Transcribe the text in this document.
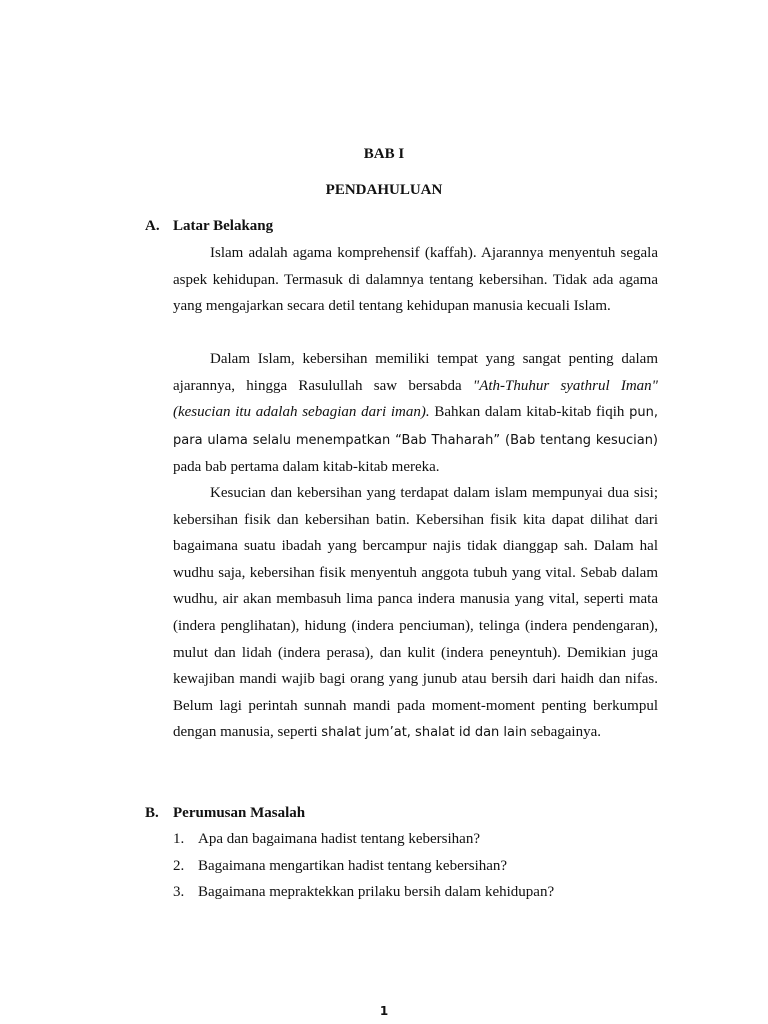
BAB I
PENDAHULUAN
A. Latar Belakang

Islam adalah agama komprehensif (kaffah). Ajarannya menyentuh segala aspek kehidupan. Termasuk di dalamnya tentang kebersihan. Tidak ada agama yang mengajarkan secara detil tentang kehidupan manusia kecuali Islam.

Dalam Islam, kebersihan memiliki tempat yang sangat penting dalam ajarannya, hingga Rasulullah saw bersabda "Ath-Thuhur syathrul Iman" (kesucian itu adalah sebagian dari iman). Bahkan dalam kitab-kitab fiqih pun, para ulama selalu menempatkan “Bab Thaharah” (Bab tentang kesucian) pada bab pertama dalam kitab-kitab mereka.

Kesucian dan kebersihan yang terdapat dalam islam mempunyai dua sisi; kebersihan fisik dan kebersihan batin. Kebersihan fisik kita dapat dilihat dari bagaimana suatu ibadah yang bercampur najis tidak dianggap sah. Dalam hal wudhu saja, kebersihan fisik menyentuh anggota tubuh yang vital. Sebab dalam wudhu, air akan membasuh lima panca indera manusia yang vital, seperti mata (indera penglihatan), hidung (indera penciuman), telinga (indera pendengaran), mulut dan lidah (indera perasa), dan kulit (indera peneyntuh). Demikian juga kewajiban mandi wajib bagi orang yang junub atau bersih dari haidh dan nifas. Belum lagi perintah sunnah mandi pada moment-moment penting berkumpul dengan manusia, seperti shalat jum’at, shalat id dan lain sebagainya.

B. Perumusan Masalah
1. Apa dan bagaimana hadist tentang kebersihan?
2. Bagaimana mengartikan hadist tentang kebersihan?
3. Bagaimana mepraktekkan prilaku bersih dalam kehidupan?
1
